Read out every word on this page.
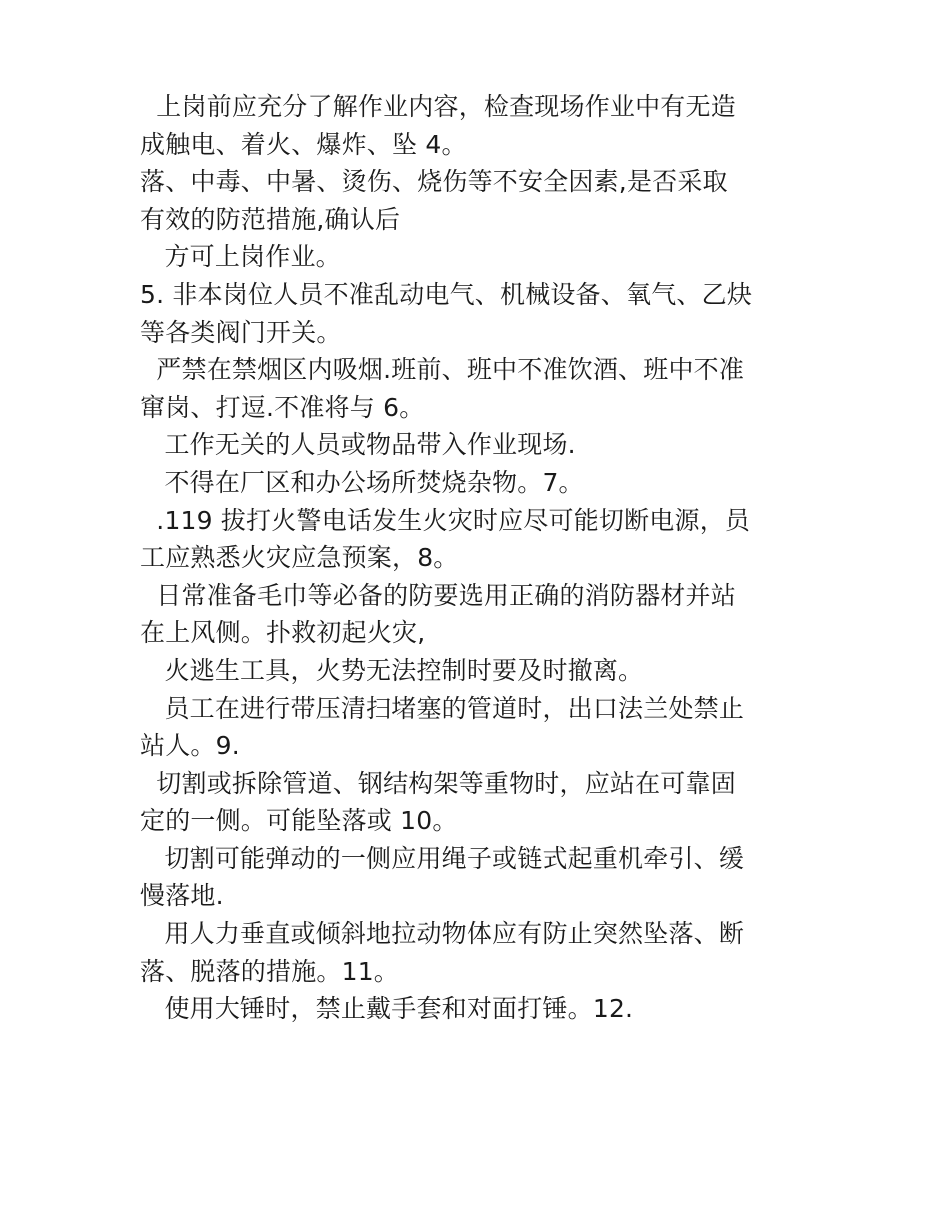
上岗前应充分了解作业内容，检查现场作业中有无造
成触电、着火、爆炸、坠 4。
落、中毒、中暑、烫伤、烧伤等不安全因素,是否采取
有效的防范措施,确认后
方可上岗作业。
5. 非本岗位人员不准乱动电气、机械设备、氧气、乙炔
等各类阀门开关。
严禁在禁烟区内吸烟.班前、班中不准饮酒、班中不准
窜岗、打逗.不准将与 6。
工作无关的人员或物品带入作业现场.
不得在厂区和办公场所焚烧杂物。7。
.119 拔打火警电话发生火灾时应尽可能切断电源，员
工应熟悉火灾应急预案，8。
日常准备毛巾等必备的防要选用正确的消防器材并站
在上风侧。扑救初起火灾,
火逃生工具，火势无法控制时要及时撤离。
员工在进行带压清扫堵塞的管道时，出口法兰处禁止
站人。9.
切割或拆除管道、钢结构架等重物时，应站在可靠固
定的一侧。可能坠落或 10。
切割可能弹动的一侧应用绳子或链式起重机牵引、缓
慢落地.
用人力垂直或倾斜地拉动物体应有防止突然坠落、断
落、脱落的措施。11。
使用大锤时，禁止戴手套和对面打锤。12.
